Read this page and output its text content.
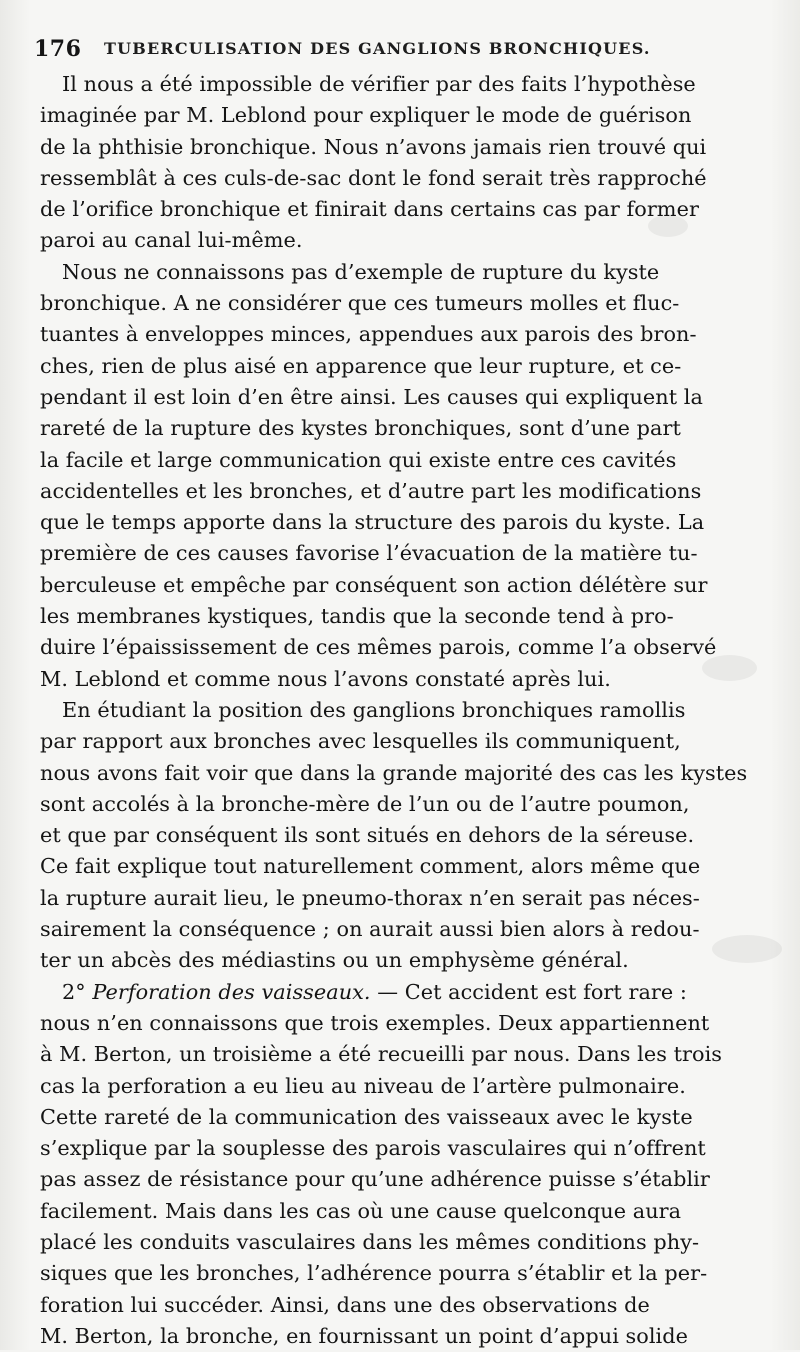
176 TUBERCULISATION DES GANGLIONS BRONCHIQUES.
Il nous a été impossible de vérifier par des faits l’hypothèse
imaginée par M. Leblond pour expliquer le mode de guérison
de la phthisie bronchique. Nous n’avons jamais rien trouvé qui
ressemblât à ces culs-de-sac dont le fond serait très rapproché
de l’orifice bronchique et finirait dans certains cas par former
paroi au canal lui-même.
Nous ne connaissons pas d’exemple de rupture du kyste
bronchique. A ne considérer que ces tumeurs molles et fluc-
tuantes à enveloppes minces, appendues aux parois des bron-
ches, rien de plus aisé en apparence que leur rupture, et ce-
pendant il est loin d’en être ainsi. Les causes qui expliquent la
rareté de la rupture des kystes bronchiques, sont d’une part
la facile et large communication qui existe entre ces cavités
accidentelles et les bronches, et d’autre part les modifications
que le temps apporte dans la structure des parois du kyste. La
première de ces causes favorise l’évacuation de la matière tu-
berculeuse et empêche par conséquent son action délétère sur
les membranes kystiques, tandis que la seconde tend à pro-
duire l’épaississement de ces mêmes parois, comme l’a observé
M. Leblond et comme nous l’avons constaté après lui.
En étudiant la position des ganglions bronchiques ramollis
par rapport aux bronches avec lesquelles ils communiquent,
nous avons fait voir que dans la grande majorité des cas les kystes
sont accolés à la bronche-mère de l’un ou de l’autre poumon,
et que par conséquent ils sont situés en dehors de la séreuse.
Ce fait explique tout naturellement comment, alors même que
la rupture aurait lieu, le pneumo-thorax n’en serait pas néces-
sairement la conséquence ; on aurait aussi bien alors à redou-
ter un abcès des médiastins ou un emphysème général.
2° Perforation des vaisseaux. — Cet accident est fort rare :
nous n’en connaissons que trois exemples. Deux appartiennent
à M. Berton, un troisième a été recueilli par nous. Dans les trois
cas la perforation a eu lieu au niveau de l’artère pulmonaire.
Cette rareté de la communication des vaisseaux avec le kyste
s’explique par la souplesse des parois vasculaires qui n’offrent
pas assez de résistance pour qu’une adhérence puisse s’établir
facilement. Mais dans les cas où une cause quelconque aura
placé les conduits vasculaires dans les mêmes conditions phy-
siques que les bronches, l’adhérence pourra s’établir et la per-
foration lui succéder. Ainsi, dans une des observations de
M. Berton, la bronche, en fournissant un point d’appui solide
